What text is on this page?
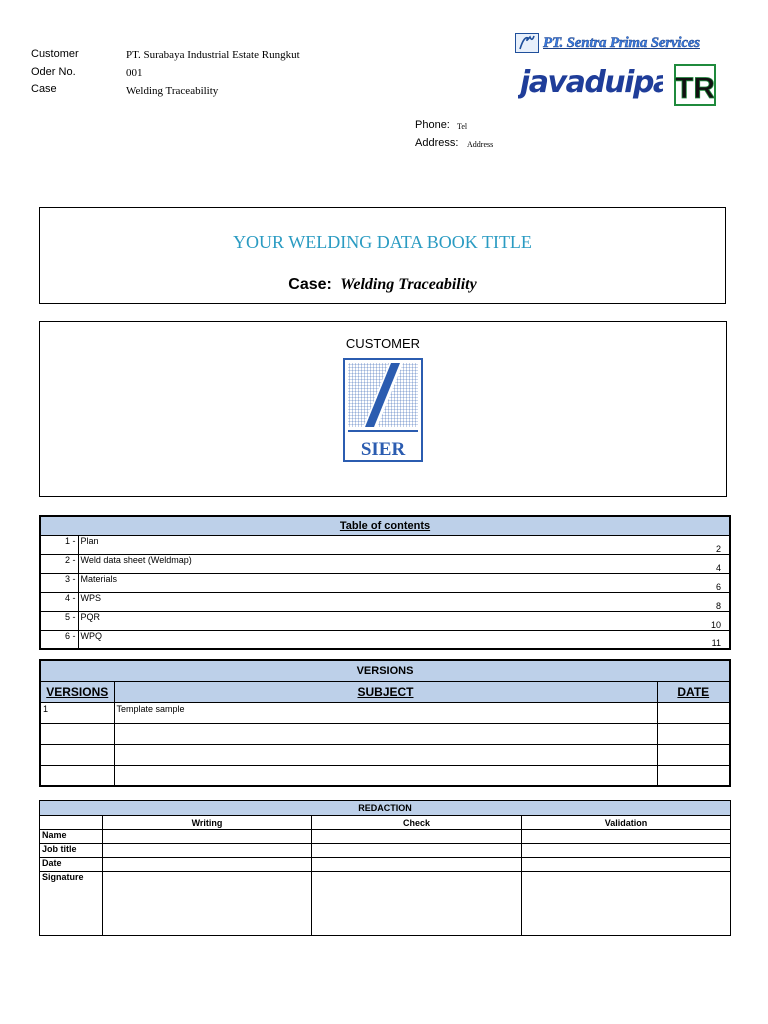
Customer	PT. Surabaya Industrial Estate Rungkut
Oder No.	001
Case	Welding Traceability
Phone: Tel
Address: Address
PT. Sentra Prima Services
javaduipa TR
YOUR WELDING DATA BOOK TITLE
Case: Welding Traceability
CUSTOMER
SIER
Table of contents		
1 -	Plan	2
2 -	Weld data sheet (Weldmap)	4
3 -	Materials	6
4 -	WPS	8
5 -	PQR	10
6 -	WPQ	11
VERSIONS		
VERSIONS	SUBJECT	DATE
1	Template sample	

REDACTION			
	Writing	Check	Validation
Name			
Job title			
Date			
Signature			
